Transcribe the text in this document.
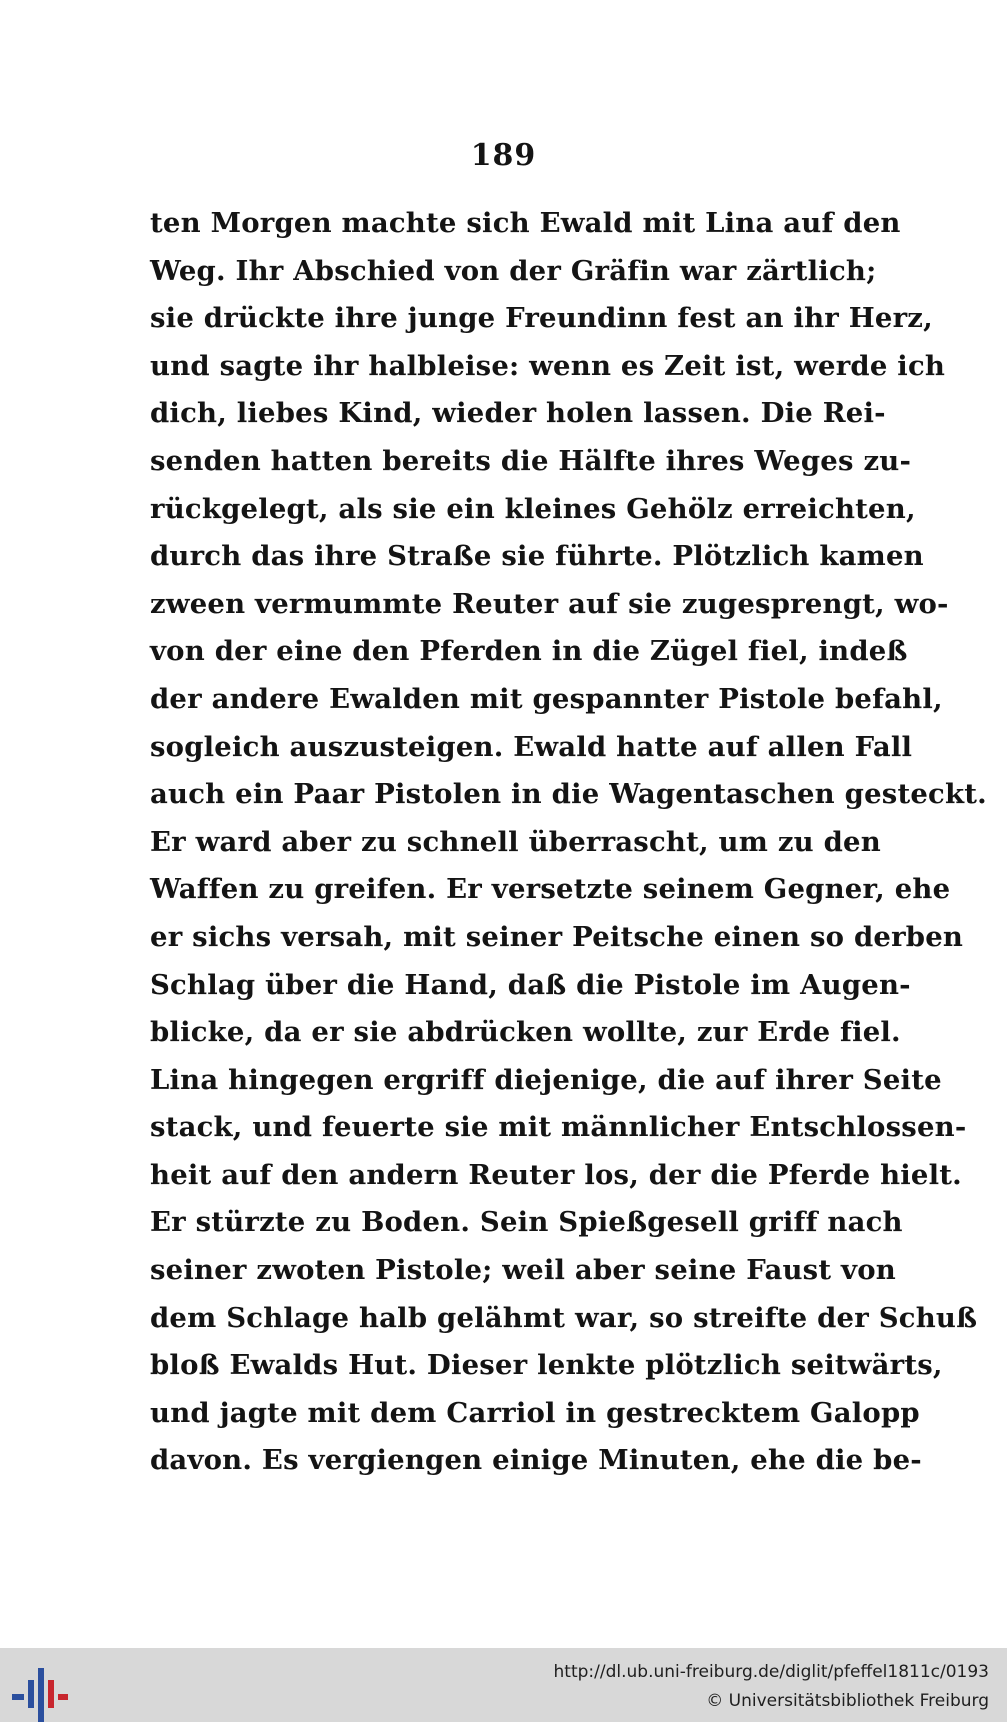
189
ten Morgen machte sich Ewald mit Lina auf den
Weg. Ihr Abschied von der Gräfin war zärtlich;
sie drückte ihre junge Freundinn fest an ihr Herz,
und sagte ihr halbleise: wenn es Zeit ist, werde ich
dich, liebes Kind, wieder holen lassen. Die Rei-
senden hatten bereits die Hälfte ihres Weges zu-
rückgelegt, als sie ein kleines Gehölz erreichten,
durch das ihre Straße sie führte. Plötzlich kamen
zween vermummte Reuter auf sie zugesprengt, wo-
von der eine den Pferden in die Zügel fiel, indeß
der andere Ewalden mit gespannter Pistole befahl,
sogleich auszusteigen. Ewald hatte auf allen Fall
auch ein Paar Pistolen in die Wagentaschen gesteckt.
Er ward aber zu schnell überrascht, um zu den
Waffen zu greifen. Er versetzte seinem Gegner, ehe
er sichs versah, mit seiner Peitsche einen so derben
Schlag über die Hand, daß die Pistole im Augen-
blicke, da er sie abdrücken wollte, zur Erde fiel.
Lina hingegen ergriff diejenige, die auf ihrer Seite
stack, und feuerte sie mit männlicher Entschlossen-
heit auf den andern Reuter los, der die Pferde hielt.
Er stürzte zu Boden. Sein Spießgesell griff nach
seiner zwoten Pistole; weil aber seine Faust von
dem Schlage halb gelähmt war, so streifte der Schuß
bloß Ewalds Hut. Dieser lenkte plötzlich seitwärts,
und jagte mit dem Carriol in gestrecktem Galopp
davon. Es vergiengen einige Minuten, ehe die be-
http://dl.ub.uni-freiburg.de/diglit/pfeffel1811c/0193
© Universitätsbibliothek Freiburg
